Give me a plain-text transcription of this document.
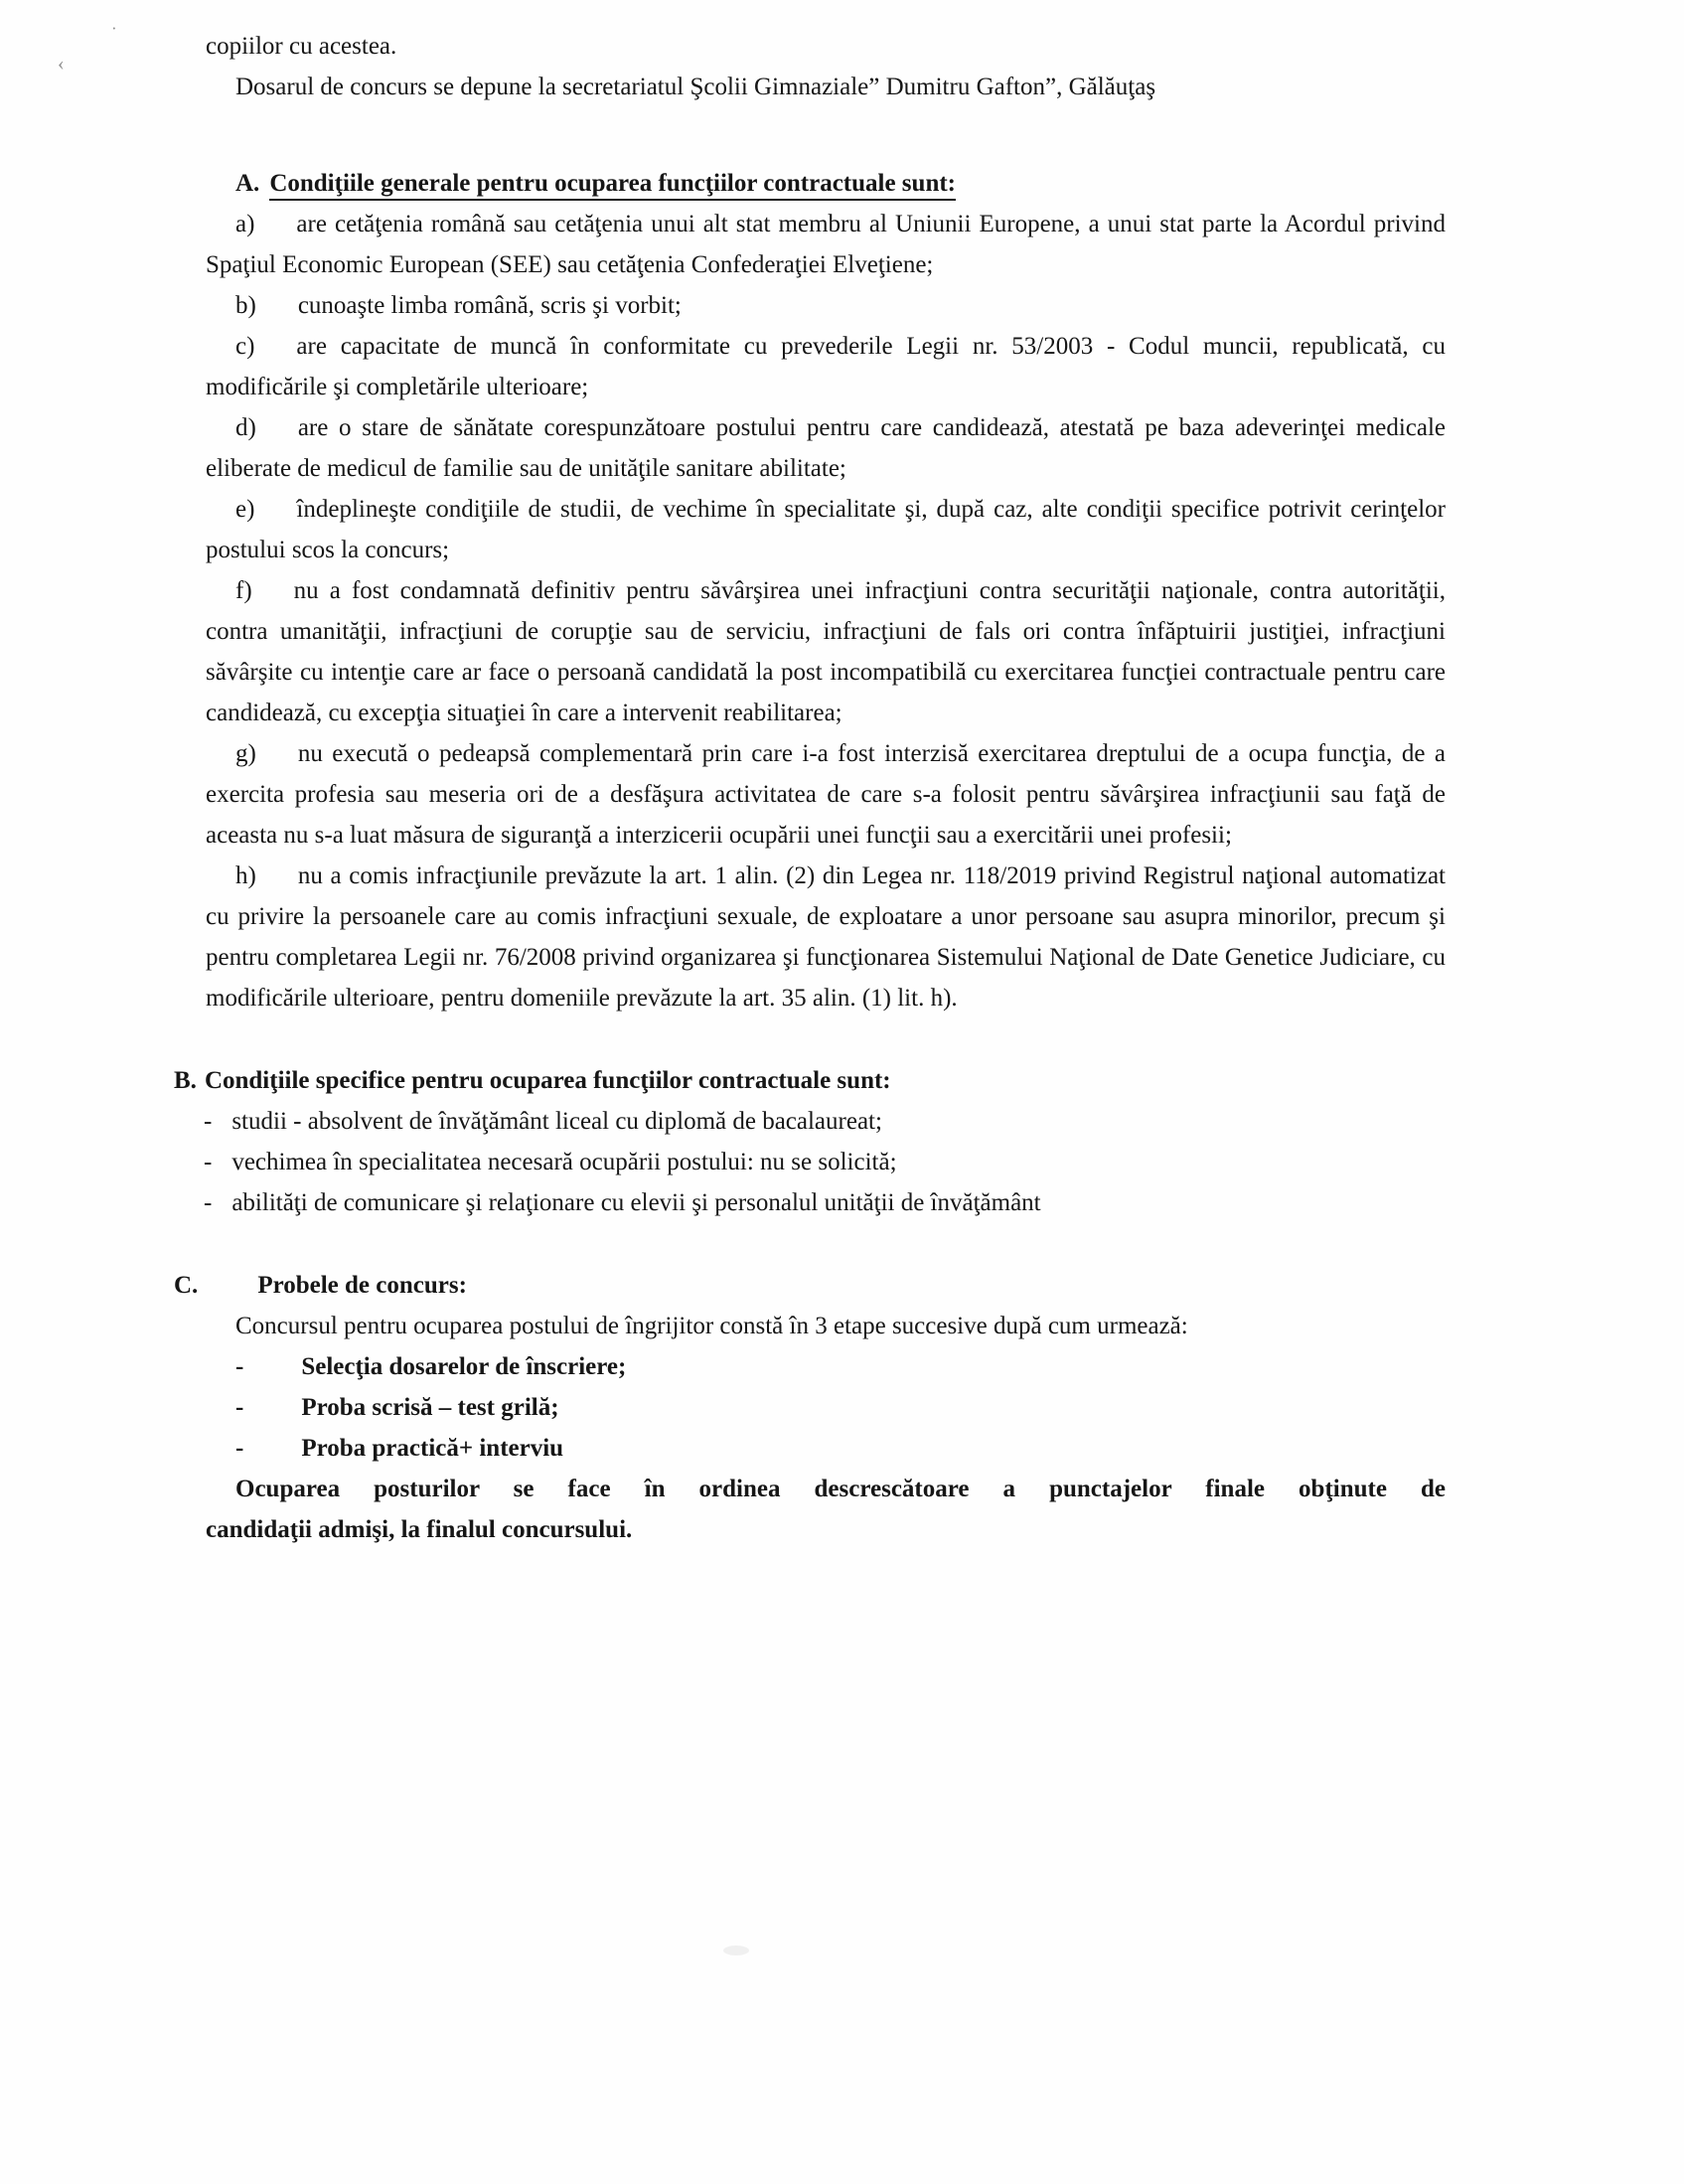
·
‹

copiilor cu acestea.

Dosarul de concurs se depune la secretariatul Şcolii Gimnaziale” Dumitru Gafton”, Gălăuţaş

A. Condiţiile generale pentru ocuparea funcţiilor contractuale sunt:

a) are cetăţenia română sau cetăţenia unui alt stat membru al Uniunii Europene, a unui stat parte la Acordul privind Spaţiul Economic European (SEE) sau cetăţenia Confederaţiei Elveţiene;

b) cunoaşte limba română, scris şi vorbit;

c) are capacitate de muncă în conformitate cu prevederile Legii nr. 53/2003 - Codul muncii, republicată, cu modificările şi completările ulterioare;

d) are o stare de sănătate corespunzătoare postului pentru care candidează, atestată pe baza adeverinţei medicale eliberate de medicul de familie sau de unităţile sanitare abilitate;

e) îndeplineşte condiţiile de studii, de vechime în specialitate şi, după caz, alte condiţii specifice potrivit cerinţelor postului scos la concurs;

f) nu a fost condamnată definitiv pentru săvârşirea unei infracţiuni contra securităţii naţionale, contra autorităţii, contra umanităţii, infracţiuni de corupţie sau de serviciu, infracţiuni de fals ori contra înfăptuirii justiţiei, infracţiuni săvârşite cu intenţie care ar face o persoană candidată la post incompatibilă cu exercitarea funcţiei contractuale pentru care candidează, cu excepţia situaţiei în care a intervenit reabilitarea;

g) nu execută o pedeapsă complementară prin care i-a fost interzisă exercitarea dreptului de a ocupa funcţia, de a exercita profesia sau meseria ori de a desfăşura activitatea de care s-a folosit pentru săvârşirea infracţiunii sau faţă de aceasta nu s-a luat măsura de siguranţă a interzicerii ocupării unei funcţii sau a exercitării unei profesii;

h) nu a comis infracţiunile prevăzute la art. 1 alin. (2) din Legea nr. 118/2019 privind Registrul naţional automatizat cu privire la persoanele care au comis infracţiuni sexuale, de exploatare a unor persoane sau asupra minorilor, precum şi pentru completarea Legii nr. 76/2008 privind organizarea şi funcţionarea Sistemului Naţional de Date Genetice Judiciare, cu modificările ulterioare, pentru domeniile prevăzute la art. 35 alin. (1) lit. h).

B. Condiţiile specifice pentru ocuparea funcţiilor contractuale sunt:

- studii - absolvent de învăţământ liceal cu diplomă de bacalaureat;

- vechimea în specialitatea necesară ocupării postului: nu se solicită;

- abilităţi de comunicare şi relaţionare cu elevii şi personalul unităţii de învăţământ

C. Probele de concurs:

Concursul pentru ocuparea postului de îngrijitor constă în 3 etape succesive după cum urmează:

- Selecţia dosarelor de înscriere;

- Proba scrisă – test grilă;

- Proba practică+ interviu

Ocuparea posturilor se face în ordinea descrescătoare a punctajelor finale obţinute de

candidaţii admişi, la finalul concursului.
